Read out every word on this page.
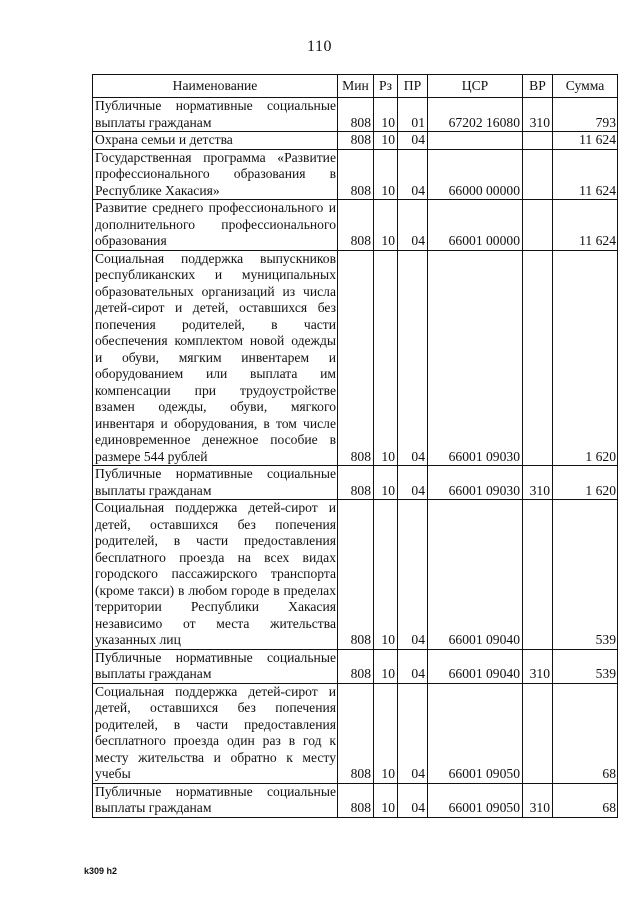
110
Наименование	Мин	Рз	ПР	ЦСР	ВР	Сумма
Публичные нормативные социальные выплаты гражданам	808	10	01	67202 16080	310	793
Охрана семьи и детства	808	10	04			11 624
Государственная программа «Развитие профессионального образования в Республике Хакасия»	808	10	04	66000 00000		11 624
Развитие среднего профессионального и дополнительного профессионального образования	808	10	04	66001 00000		11 624
Социальная поддержка выпускников республиканских и муниципальных образовательных организаций из числа детей-сирот и детей, оставшихся без попечения родителей, в части обеспечения комплектом новой одежды и обуви, мягким инвентарем и оборудованием или выплата им компенсации при трудоустройстве взамен одежды, обуви, мягкого инвентаря и оборудования, в том числе единовременное денежное пособие в размере 544 рублей	808	10	04	66001 09030		1 620
Публичные нормативные социальные выплаты гражданам	808	10	04	66001 09030	310	1 620
Социальная поддержка детей-сирот и детей, оставшихся без попечения родителей, в части предоставления бесплатного проезда на всех видах городского пассажирского транспорта (кроме такси) в любом городе в пределах территории Республики Хакасия независимо от места жительства указанных лиц	808	10	04	66001 09040		539
Публичные нормативные социальные выплаты гражданам	808	10	04	66001 09040	310	539
Социальная поддержка детей-сирот и детей, оставшихся без попечения родителей, в части предоставления бесплатного проезда один раз в год к месту жительства и обратно к месту учебы	808	10	04	66001 09050		68
Публичные нормативные социальные выплаты гражданам	808	10	04	66001 09050	310	68
k309 h2
